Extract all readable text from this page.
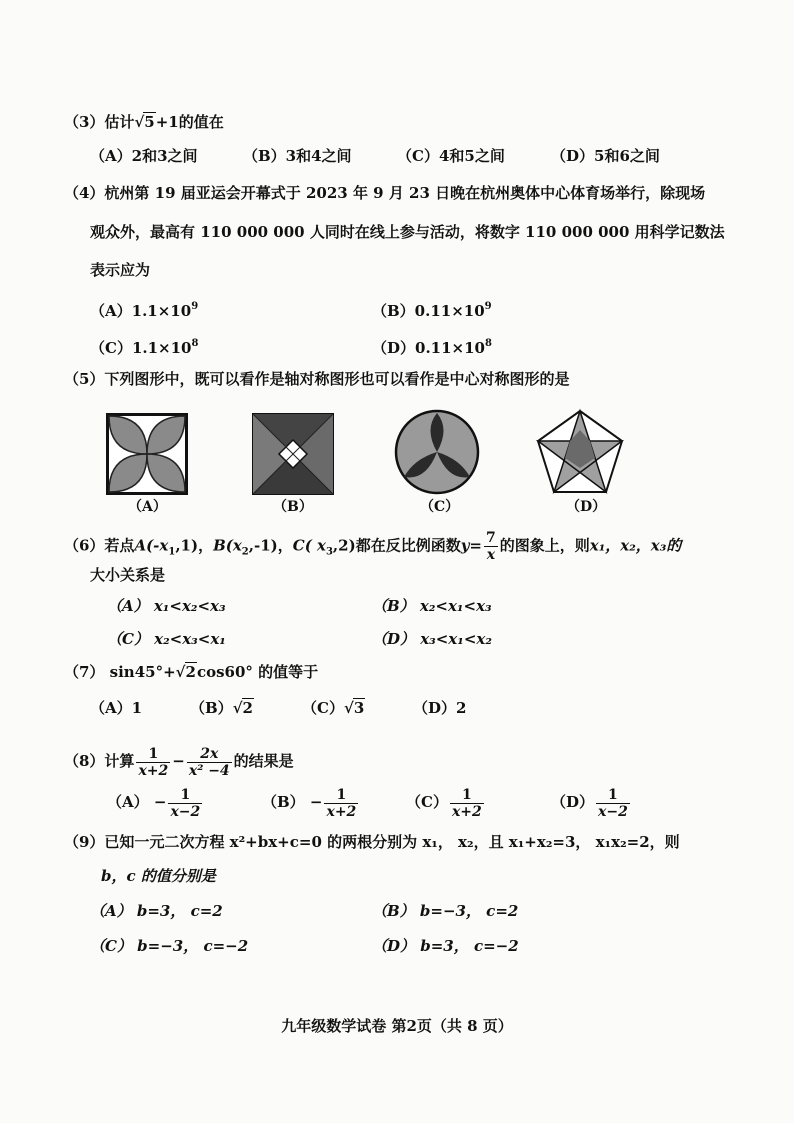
（3）估计√5+1的值在
（A）2和3之间	（B）3和4之间	（C）4和5之间	（D）5和6之间
（4）杭州第 19 届亚运会开幕式于 2023 年 9 月 23 日晚在杭州奥体中心体育场举行，除现场
观众外，最高有 110 000 000 人同时在线上参与活动，将数字 110 000 000 用科学记数法
表示应为
$(A)1.1\times 10^9$	$(B)0.11\times 10^9$
$(C)1.1\times 10^8$	$(D)0.11\times 10^8$
（5）下列图形中，既可以看作是轴对称图形也可以看作是中心对称图形的是
（A）	（B）	（C）	（D）
（6）若点$A(-x_1,1)$，$B(x_2,-1)$，C( $x_3,2$)都在反比例函数$y= \frac{7}{x}$ 的图象上，则x₁，x₂，x₃的
大小关系是
（A） x₁<x₂<x₃	（B） x₂<x₁<x₃
（C） x₂<x₃<x₁	（D） x₃<x₁<x₂
（7） sin45°+√2cos60° 的值等于
（A）1	（B）√2	（C）√3	（D）2
（8）计算 $\frac{1}{x+2} - \frac{2x}{\text{x² −4}}$ 的结果是
$(A) - \frac{1}{x-2}$	$(B) - \frac{1}{x+2}$	$(C) \frac{1}{x+2}$	$(D) \frac{1}{x-2}$
（9）已知一元二次方程 x²+bx+c=0 的两根分别为 x₁， x₂，且 x₁+x₂=3， x₁x₂=2，则
b，c 的值分别是
（A） b=3， c=2	（B） b=−3， c=2
（C） b=−3， c=−2	（D） b=3， c=−2
九年级数学试卷 第2页（共 8 页）
